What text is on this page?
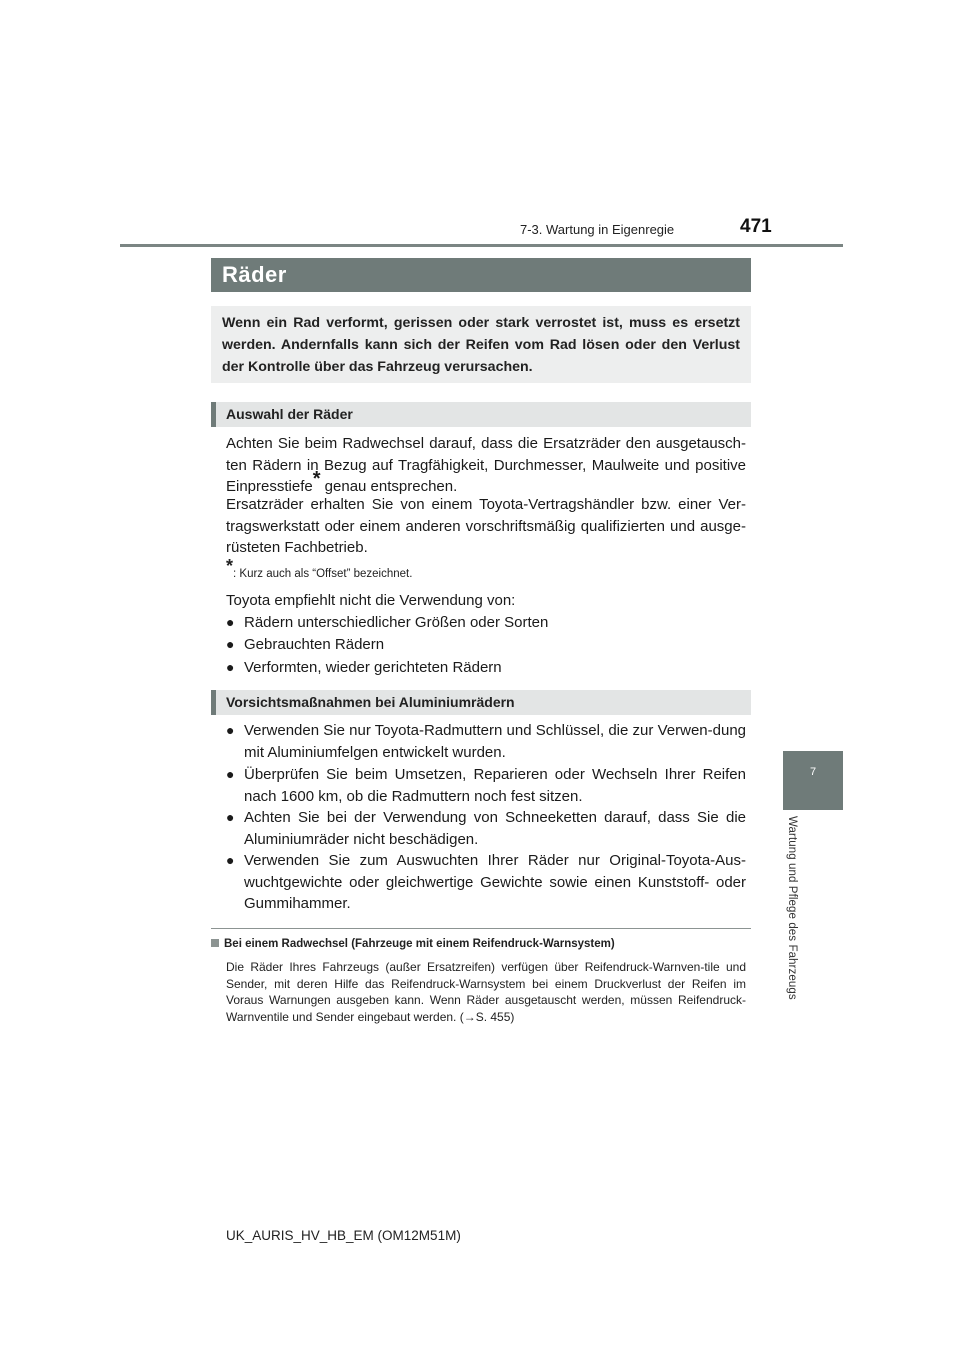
7-3. Wartung in Eigenregie	471
7
Wartung und Pflege des Fahrzeugs
Räder
Wenn ein Rad verformt, gerissen oder stark verrostet ist, muss es ersetzt werden. Andernfalls kann sich der Reifen vom Rad lösen oder den Verlust der Kontrolle über das Fahrzeug verursachen.
Auswahl der Räder
Achten Sie beim Radwechsel darauf, dass die Ersatzräder den ausgetausch-ten Rädern in Bezug auf Tragfähigkeit, Durchmesser, Maulweite und positive Einpresstiefe* genau entsprechen.
Ersatzräder erhalten Sie von einem Toyota-Vertragshändler bzw. einer Ver-tragswerkstatt oder einem anderen vorschriftsmäßig qualifizierten und ausge-rüsteten Fachbetrieb.
*: Kurz auch als “Offset” bezeichnet.
Toyota empfiehlt nicht die Verwendung von:
● Rädern unterschiedlicher Größen oder Sorten
● Gebrauchten Rädern
● Verformten, wieder gerichteten Rädern
Vorsichtsmaßnahmen bei Aluminiumrädern
● Verwenden Sie nur Toyota-Radmuttern und Schlüssel, die zur Verwen-dung mit Aluminiumfelgen entwickelt wurden.
● Überprüfen Sie beim Umsetzen, Reparieren oder Wechseln Ihrer Reifen nach 1600 km, ob die Radmuttern noch fest sitzen.
● Achten Sie bei der Verwendung von Schneeketten darauf, dass Sie die Aluminiumräder nicht beschädigen.
● Verwenden Sie zum Auswuchten Ihrer Räder nur Original-Toyota-Aus-wuchtgewichte oder gleichwertige Gewichte sowie einen Kunststoff- oder Gummihammer.
Bei einem Radwechsel (Fahrzeuge mit einem Reifendruck-Warnsystem)
Die Räder Ihres Fahrzeugs (außer Ersatzreifen) verfügen über Reifendruck-Warnven-tile und Sender, mit deren Hilfe das Reifendruck-Warnsystem bei einem Druckverlust der Reifen im Voraus Warnungen ausgeben kann. Wenn Räder ausgetauscht werden, müssen Reifendruck-Warnventile und Sender eingebaut werden. (→S. 455)
UK_AURIS_HV_HB_EM (OM12M51M)
